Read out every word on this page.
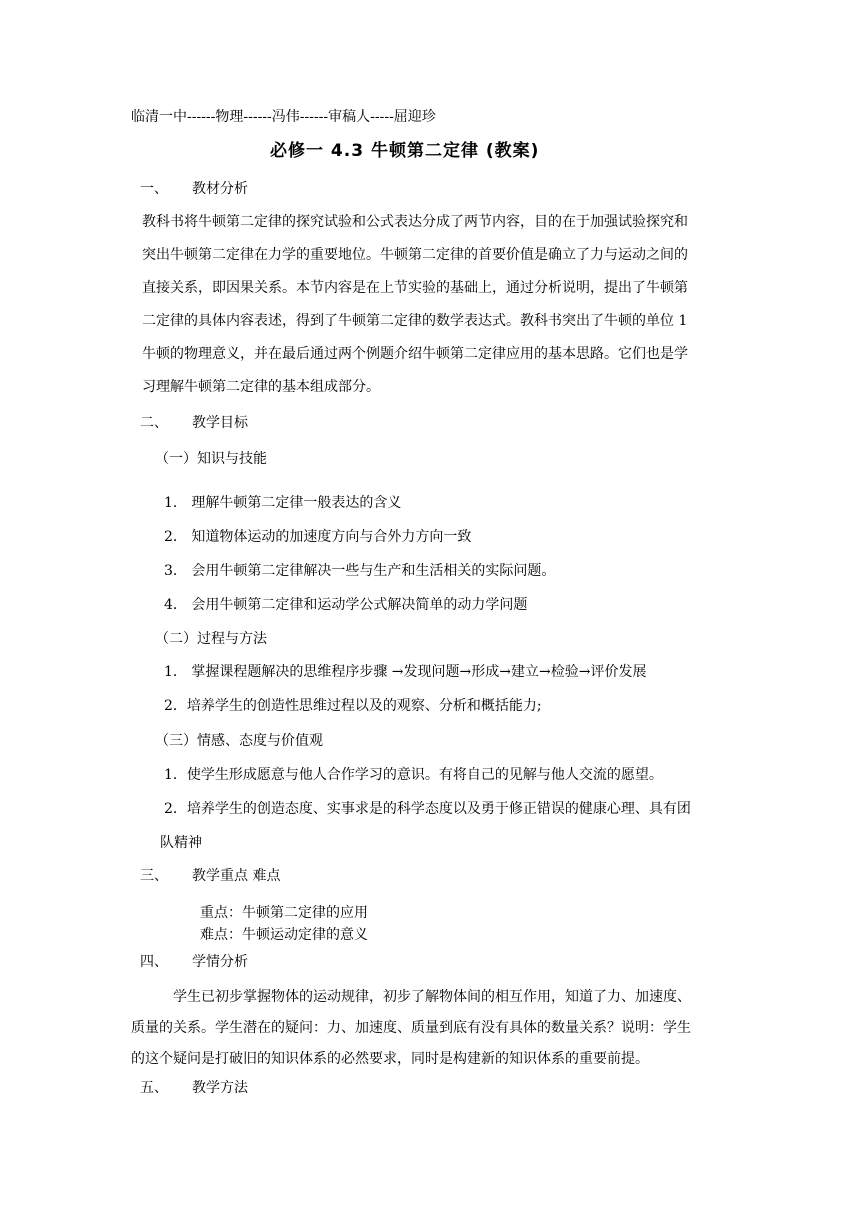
临清一中------物理------冯伟------审稿人-----屈迎珍
必修一 4.3 牛顿第二定律 (教案)
一、 教材分析
教科书将牛顿第二定律的探究试验和公式表达分成了两节内容，目的在于加强试验探究和
突出牛顿第二定律在力学的重要地位。牛顿第二定律的首要价值是确立了力与运动之间的
直接关系，即因果关系。本节内容是在上节实验的基础上，通过分析说明，提出了牛顿第
二定律的具体内容表述，得到了牛顿第二定律的数学表达式。教科书突出了牛顿的单位 1
牛顿的物理意义，并在最后通过两个例题介绍牛顿第二定律应用的基本思路。它们也是学
习理解牛顿第二定律的基本组成部分。
二、 教学目标
（一）知识与技能
1． 理解牛顿第二定律一般表达的含义
2． 知道物体运动的加速度方向与合外力方向一致
3． 会用牛顿第二定律解决一些与生产和生活相关的实际问题。
4． 会用牛顿第二定律和运动学公式解决简单的动力学问题
（二）过程与方法
1． 掌握课程题解决的思维程序步骤 →发现问题→形成→建立→检验→评价发展
2．培养学生的创造性思维过程以及的观察、分析和概括能力;
（三）情感、态度与价值观
1．使学生形成愿意与他人合作学习的意识。有将自己的见解与他人交流的愿望。
2．培养学生的创造态度、实事求是的科学态度以及勇于修正错误的健康心理、具有团
队精神
三、 教学重点 难点
重点：牛顿第二定律的应用
难点：牛顿运动定律的意义
四、 学情分析
学生已初步掌握物体的运动规律，初步了解物体间的相互作用，知道了力、加速度、
质量的关系。学生潜在的疑问：力、加速度、质量到底有没有具体的数量关系？说明：学生
的这个疑问是打破旧的知识体系的必然要求，同时是构建新的知识体系的重要前提。
五、 教学方法
